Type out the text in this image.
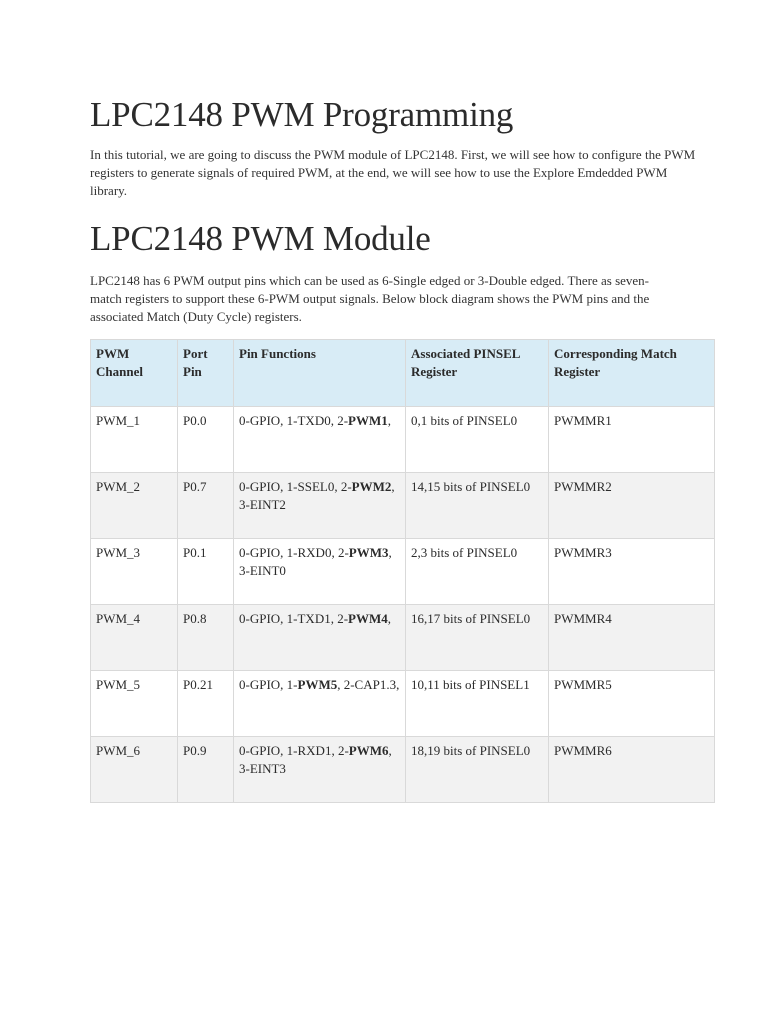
LPC2148 PWM Programming

In this tutorial, we are going to discuss the PWM module of LPC2148. First, we will see how to configure the PWM registers to generate signals of required PWM, at the end, we will see how to use the Explore Emdedded PWM library.

LPC2148 PWM Module

LPC2148 has 6 PWM output pins which can be used as 6-Single edged or 3-Double edged. There as seven-match registers to support these 6-PWM output signals. Below block diagram shows the PWM pins and the associated Match (Duty Cycle) registers.

PWM Channel	Port Pin	Pin Functions	Associated PINSEL Register	Corresponding Match Register
PWM_1	P0.0	0-GPIO, 1-TXD0, 2-PWM1,	0,1 bits of PINSEL0	PWMMR1
PWM_2	P0.7	0-GPIO, 1-SSEL0, 2-PWM2, 3-EINT2	14,15 bits of PINSEL0	PWMMR2
PWM_3	P0.1	0-GPIO, 1-RXD0, 2-PWM3, 3-EINT0	2,3 bits of PINSEL0	PWMMR3
PWM_4	P0.8	0-GPIO, 1-TXD1, 2-PWM4,	16,17 bits of PINSEL0	PWMMR4
PWM_5	P0.21	0-GPIO, 1-PWM5, 2-CAP1.3,	10,11 bits of PINSEL1	PWMMR5
PWM_6	P0.9	0-GPIO, 1-RXD1, 2-PWM6, 3-EINT3	18,19 bits of PINSEL0	PWMMR6
